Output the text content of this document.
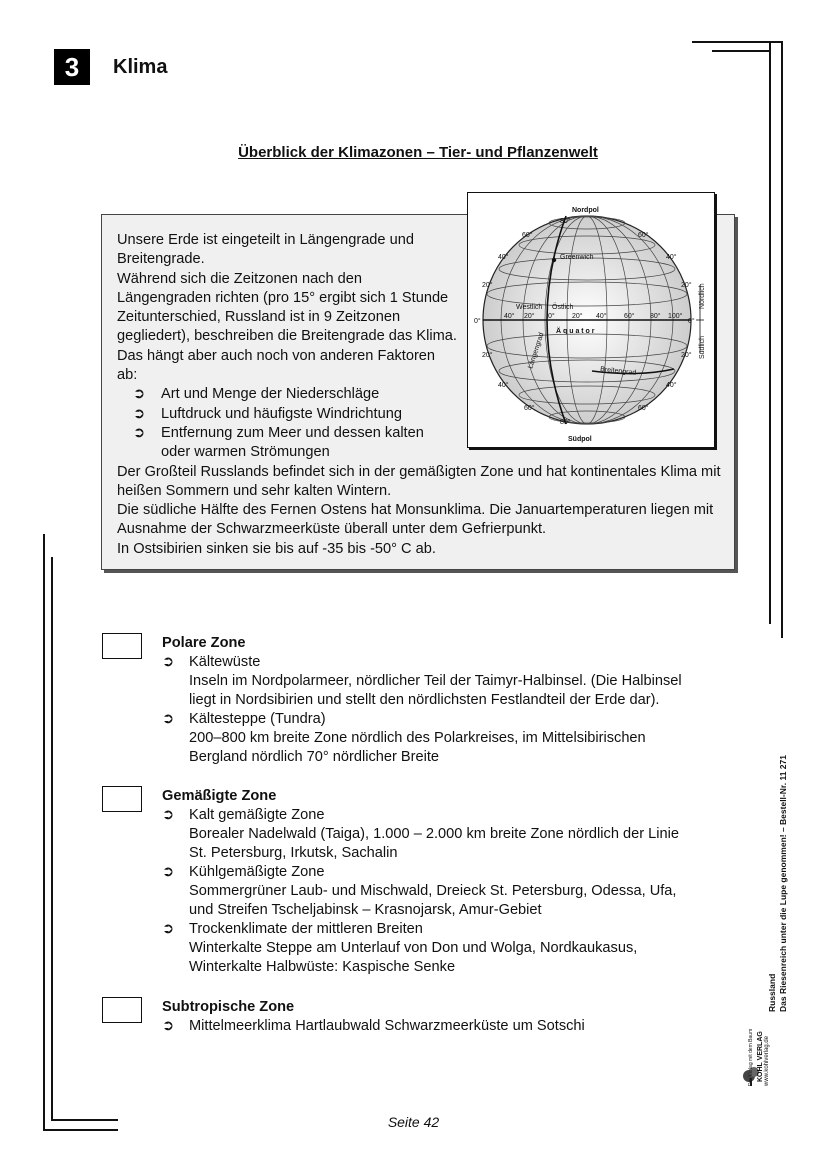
3	Klima
Überblick der Klimazonen – Tier- und Pflanzenwelt

Unsere Erde ist eingeteilt in Längengrade und Breitengrade.

Während sich die Zeitzonen nach den Längengraden richten (pro 15° ergibt sich 1 Stunde Zeitunterschied, Russland ist in 9 Zeitzonen gegliedert), beschreiben die Breitengrade das Klima. Das hängt aber auch noch von anderen Faktoren ab:

➲	Art und Menge der Niederschläge
➲	Luftdruck und häufigste Windrichtung
➲	Entfernung zum Meer und dessen kalten oder warmen Strömungen

Der Großteil Russlands befindet sich in der gemäßigten Zone und hat kontinentales Klima mit heißen Sommern und sehr kalten Wintern.

Die südliche Hälfte des Fernen Ostens hat Monsunklima. Die Januartemperaturen liegen mit Ausnahme der Schwarzmeerküste überall unter dem Gefrierpunkt.

In Ostsibirien sinken sie bis auf -35 bis -50° C ab.

Nordpol
Südpol
80°
60°	60°
40°
20°
0°
40°
20°
0°
20°	20°
40°	40°
60°	60°
80°
Greenwich
Westlich Östlich
40° 20° 0° 20° 40° 60° 80° 100°
Ä q u a t o r
Breitengrad
Längengrad
Nördlich
Südlich
Polare Zone
➲	Kältewüste
Inseln im Nordpolarmeer, nördlicher Teil der Taimyr-Halbinsel. (Die Halbinsel
liegt in Nordsibirien und stellt den nördlichsten Festlandteil der Erde dar).
➲	Kältesteppe (Tundra)
200–800 km breite Zone nördlich des Polarkreises, im Mittelsibirischen
Bergland nördlich 70° nördlicher Breite
Gemäßigte Zone
➲	Kalt gemäßigte Zone
Borealer Nadelwald (Taiga), 1.000 – 2.000 km breite Zone nördlich der Linie
St. Petersburg, Irkutsk, Sachalin
➲	Kühlgemäßigte Zone
Sommergrüner Laub- und Mischwald, Dreieck St. Petersburg, Odessa, Ufa,
und Streifen Tscheljabinsk – Krasnojarsk, Amur-Gebiet
➲	Trockenklimate der mittleren Breiten
Winterkalte Steppe am Unterlauf von Don und Wolga, Nordkaukasus,
Winterkalte Halbwüste: Kaspische Senke
Subtropische Zone
➲	Mittelmeerklima Hartlaubwald Schwarzmeerküste um Sotschi
Seite 42
Russland Das Riesenreich unter die Lupe genommen! – Bestell-Nr. 11 271
KOHL VERLAG
Der Verlag mit dem Baum www.kohlverlag.de
